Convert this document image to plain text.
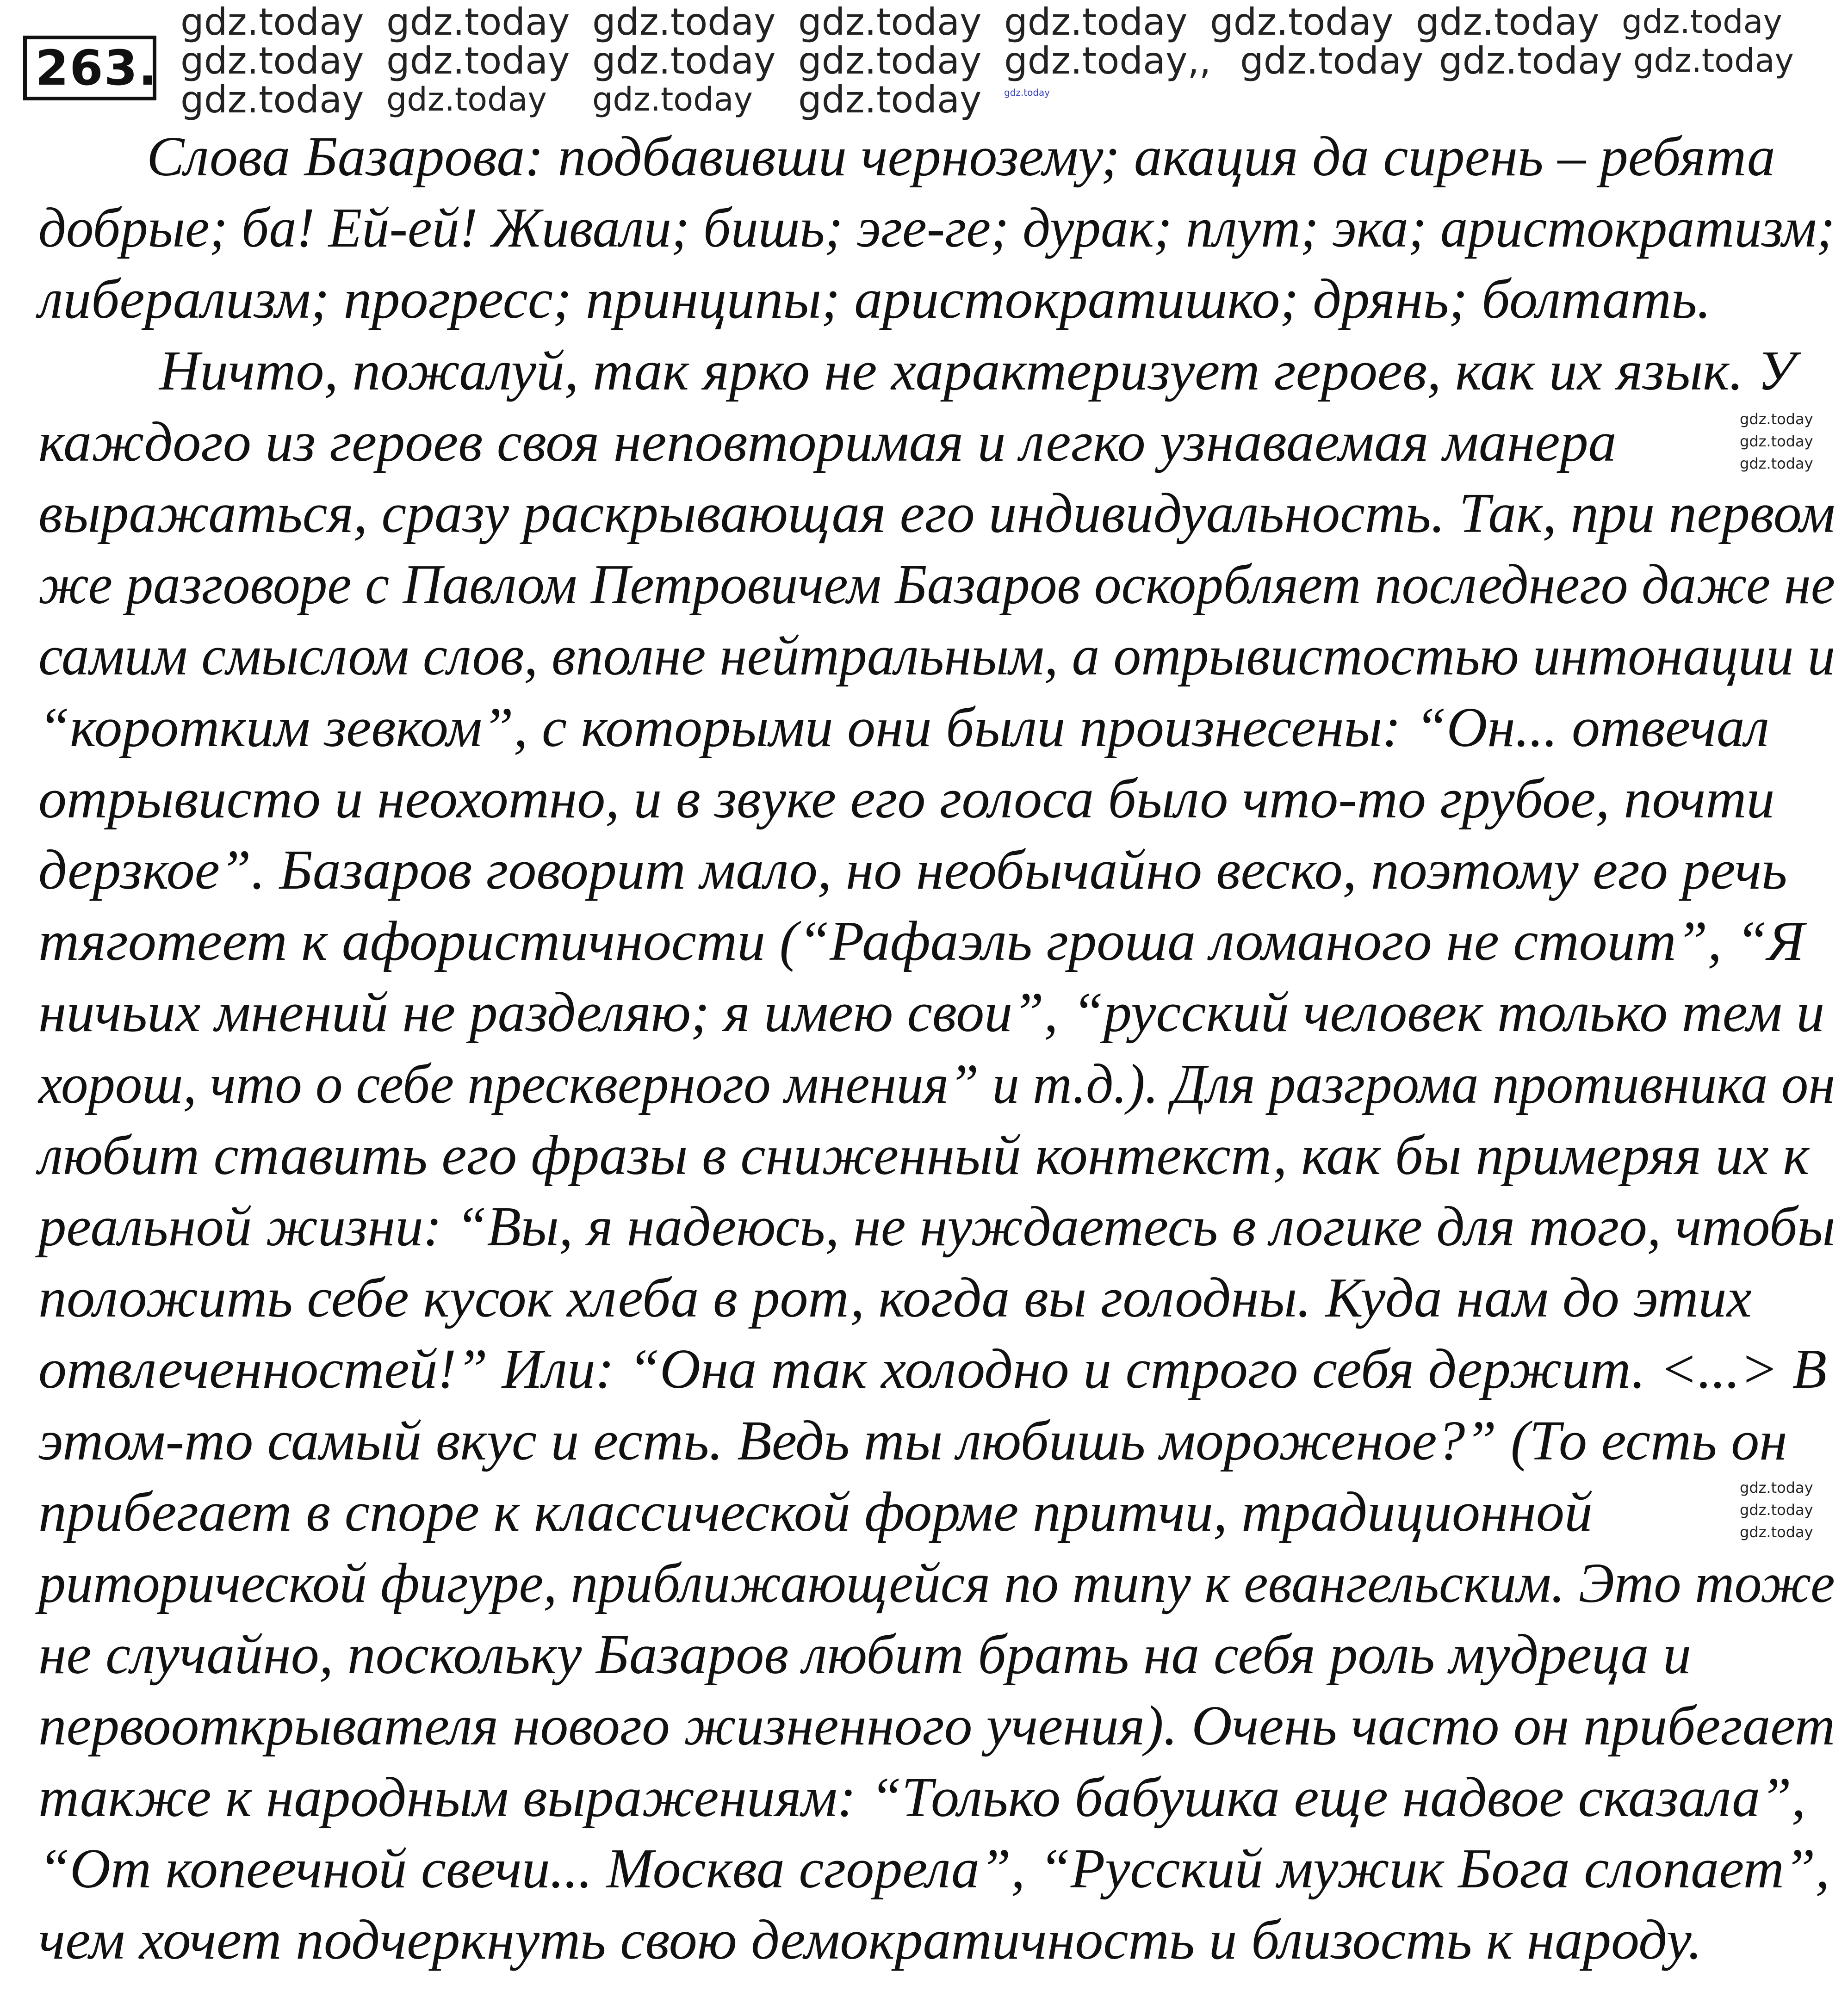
263.
Слова Базарова: подбавивши чернозему; акация да сирень – ребята
добрые; ба! Ей-ей! Живали; бишь; эге-ге; дурак; плут; эка; аристократизм;
либерализм; прогресс; принципы; аристократишко; дрянь; болтать.
Ничто, пожалуй, так ярко не характеризует героев, как их язык. У
каждого из героев своя неповторимая и легко узнаваемая манера
выражаться, сразу раскрывающая его индивидуальность. Так, при первом
же разговоре с Павлом Петровичем Базаров оскорбляет последнего даже не
самим смыслом слов, вполне нейтральным, а отрывистостью интонации и
“коротким зевком”, с которыми они были произнесены: “Он... отвечал
отрывисто и неохотно, и в звуке его голоса было что-то грубое, почти
дерзкое”. Базаров говорит мало, но необычайно веско, поэтому его речь
тяготеет к афористичности (“Рафаэль гроша ломаного не стоит”, “Я
ничьих мнений не разделяю; я имею свои”, “русский человек только тем и
хорош, что о себе прескверного мнения” и т.д.). Для разгрома противника он
любит ставить его фразы в сниженный контекст, как бы примеряя их к
реальной жизни: “Вы, я надеюсь, не нуждаетесь в логике для того, чтобы
положить себе кусок хлеба в рот, когда вы голодны. Куда нам до этих
отвлеченностей!” Или: “Она так холодно и строго себя держит. <...> В
этом-то самый вкус и есть. Ведь ты любишь мороженое?” (То есть он
прибегает в споре к классической форме притчи, традиционной
риторической фигуре, приближающейся по типу к евангельским. Это тоже
не случайно, поскольку Базаров любит брать на себя роль мудреца и
первооткрывателя нового жизненного учения). Очень часто он прибегает
также к народным выражениям: “Только бабушка еще надвое сказала”,
“От копеечной свечи... Москва сгорела”, “Русский мужик Бога слопает”,
чем хочет подчеркнуть свою демократичность и близость к народу.
gdz.today gdz.today gdz.today gdz.today gdz.today gdz.today gdz.today gdz.today
gdz.today gdz.today gdz.today gdz.today gdz.today,, gdz.today gdz.today gdz.today
gdz.today gdz.today gdz.today gdz.today
gdz.today
gdz.today
gdz.today
gdz.today
gdz.today
gdz.today
gdz.today
